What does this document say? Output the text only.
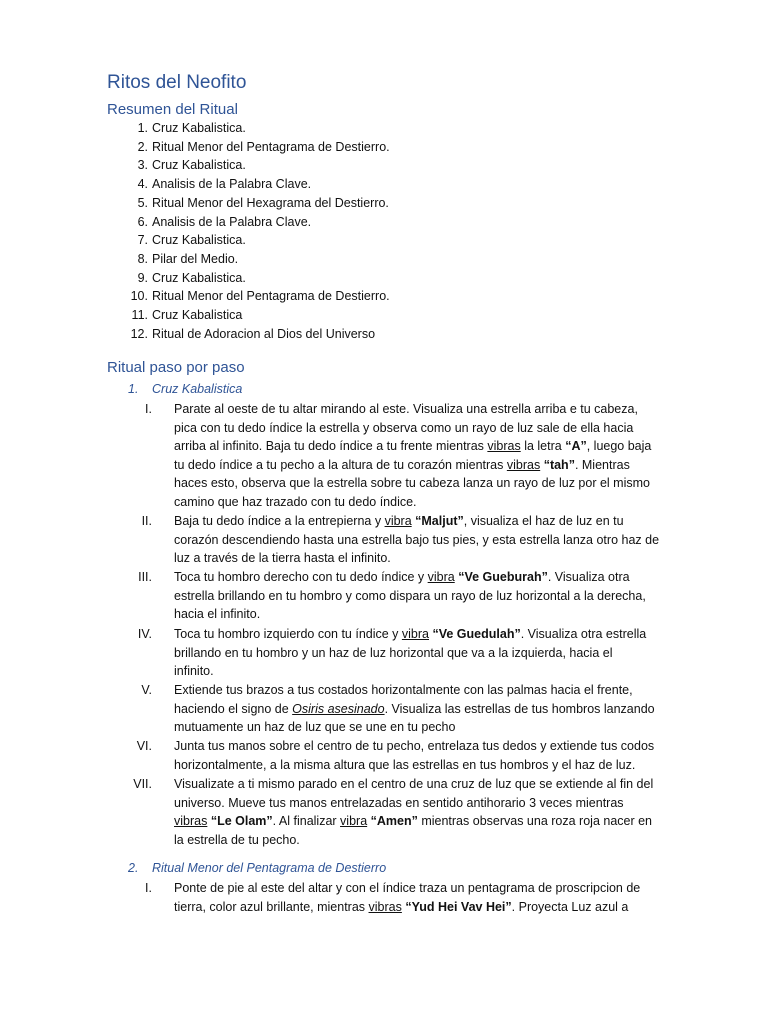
Ritos del Neofito
Resumen del Ritual
1. Cruz Kabalistica.
2. Ritual Menor del Pentagrama de Destierro.
3. Cruz Kabalistica.
4. Analisis de la Palabra Clave.
5. Ritual Menor del Hexagrama del Destierro.
6. Analisis de la Palabra Clave.
7. Cruz Kabalistica.
8. Pilar del Medio.
9. Cruz Kabalistica.
10. Ritual Menor del Pentagrama de Destierro.
11. Cruz Kabalistica
12. Ritual de Adoracion al Dios del Universo
Ritual paso por paso
1. Cruz Kabalistica
I. Parate al oeste de tu altar mirando al este. Visualiza una estrella arriba e tu cabeza,
pica con tu dedo índice la estrella y observa como un rayo de luz sale de ella hacia
arriba al infinito. Baja tu dedo índice a tu frente mientras vibras la letra “A”, luego baja
tu dedo índice a tu pecho a la altura de tu corazón mientras vibras “tah”. Mientras
haces esto, observa que la estrella sobre tu cabeza lanza un rayo de luz por el mismo
camino que haz trazado con tu dedo índice.
II. Baja tu dedo índice a la entrepierna y vibra “Maljut”, visualiza el haz de luz en tu
corazón descendiendo hasta una estrella bajo tus pies, y esta estrella lanza otro haz de
luz a través de la tierra hasta el infinito.
III. Toca tu hombro derecho con tu dedo índice y vibra “Ve Gueburah”. Visualiza otra
estrella brillando en tu hombro y como dispara un rayo de luz horizontal a la derecha,
hacia el infinito.
IV. Toca tu hombro izquierdo con tu índice y vibra “Ve Guedulah”. Visualiza otra estrella
brillando en tu hombro y un haz de luz horizontal que va a la izquierda, hacia el
infinito.
V. Extiende tus brazos a tus costados horizontalmente con las palmas hacia el frente,
haciendo el signo de Osiris asesinado. Visualiza las estrellas de tus hombros lanzando
mutuamente un haz de luz que se une en tu pecho
VI. Junta tus manos sobre el centro de tu pecho, entrelaza tus dedos y extiende tus codos
horizontalmente, a la misma altura que las estrellas en tus hombros y el haz de luz.
VII. Visualizate a ti mismo parado en el centro de una cruz de luz que se extiende al fin del
universo. Mueve tus manos entrelazadas en sentido antihorario 3 veces mientras
vibras “Le Olam”. Al finalizar vibra “Amen” mientras observas una roza roja nacer en
la estrella de tu pecho.
2. Ritual Menor del Pentagrama de Destierro
I. Ponte de pie al este del altar y con el índice traza un pentagrama de proscripcion de
tierra, color azul brillante, mientras vibras “Yud Hei Vav Hei”. Proyecta Luz azul a
